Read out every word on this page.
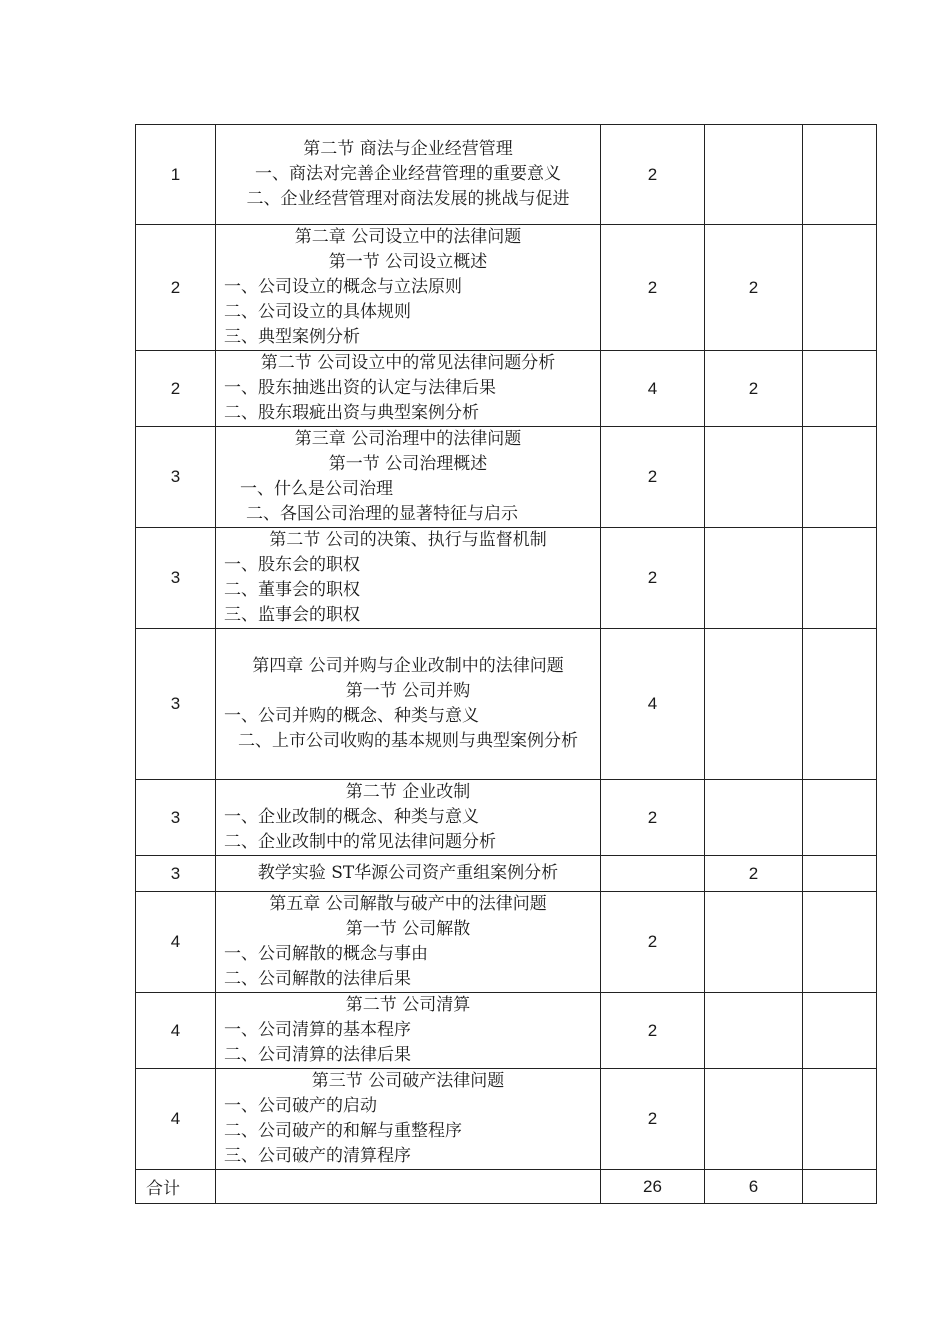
1	第二节 商法与企业经营管理
一、商法对完善企业经营管理的重要意义
二、企业经营管理对商法发展的挑战与促进	2		
2	第二章 公司设立中的法律问题
第一节 公司设立概述
一、公司设立的概念与立法原则
二、公司设立的具体规则
三、典型案例分析	2	2	
2	第二节 公司设立中的常见法律问题分析
一、股东抽逃出资的认定与法律后果
二、股东瑕疵出资与典型案例分析	4	2	
3	第三章 公司治理中的法律问题
第一节 公司治理概述
一、什么是公司治理
二、各国公司治理的显著特征与启示	2		
3	第二节 公司的决策、执行与监督机制
一、股东会的职权
二、董事会的职权
三、监事会的职权	2		
3	第四章 公司并购与企业改制中的法律问题
第一节 公司并购
一、公司并购的概念、种类与意义
二、上市公司收购的基本规则与典型案例分析	4		
3	第二节 企业改制
一、企业改制的概念、种类与意义
二、企业改制中的常见法律问题分析	2		
3	教学实验 ST华源公司资产重组案例分析		2	
4	第五章 公司解散与破产中的法律问题
第一节 公司解散
一、公司解散的概念与事由
二、公司解散的法律后果	2		
4	第二节 公司清算
一、公司清算的基本程序
二、公司清算的法律后果	2		
4	第三节 公司破产法律问题
一、公司破产的启动
二、公司破产的和解与重整程序
三、公司破产的清算程序	2		
合计		26	6	
